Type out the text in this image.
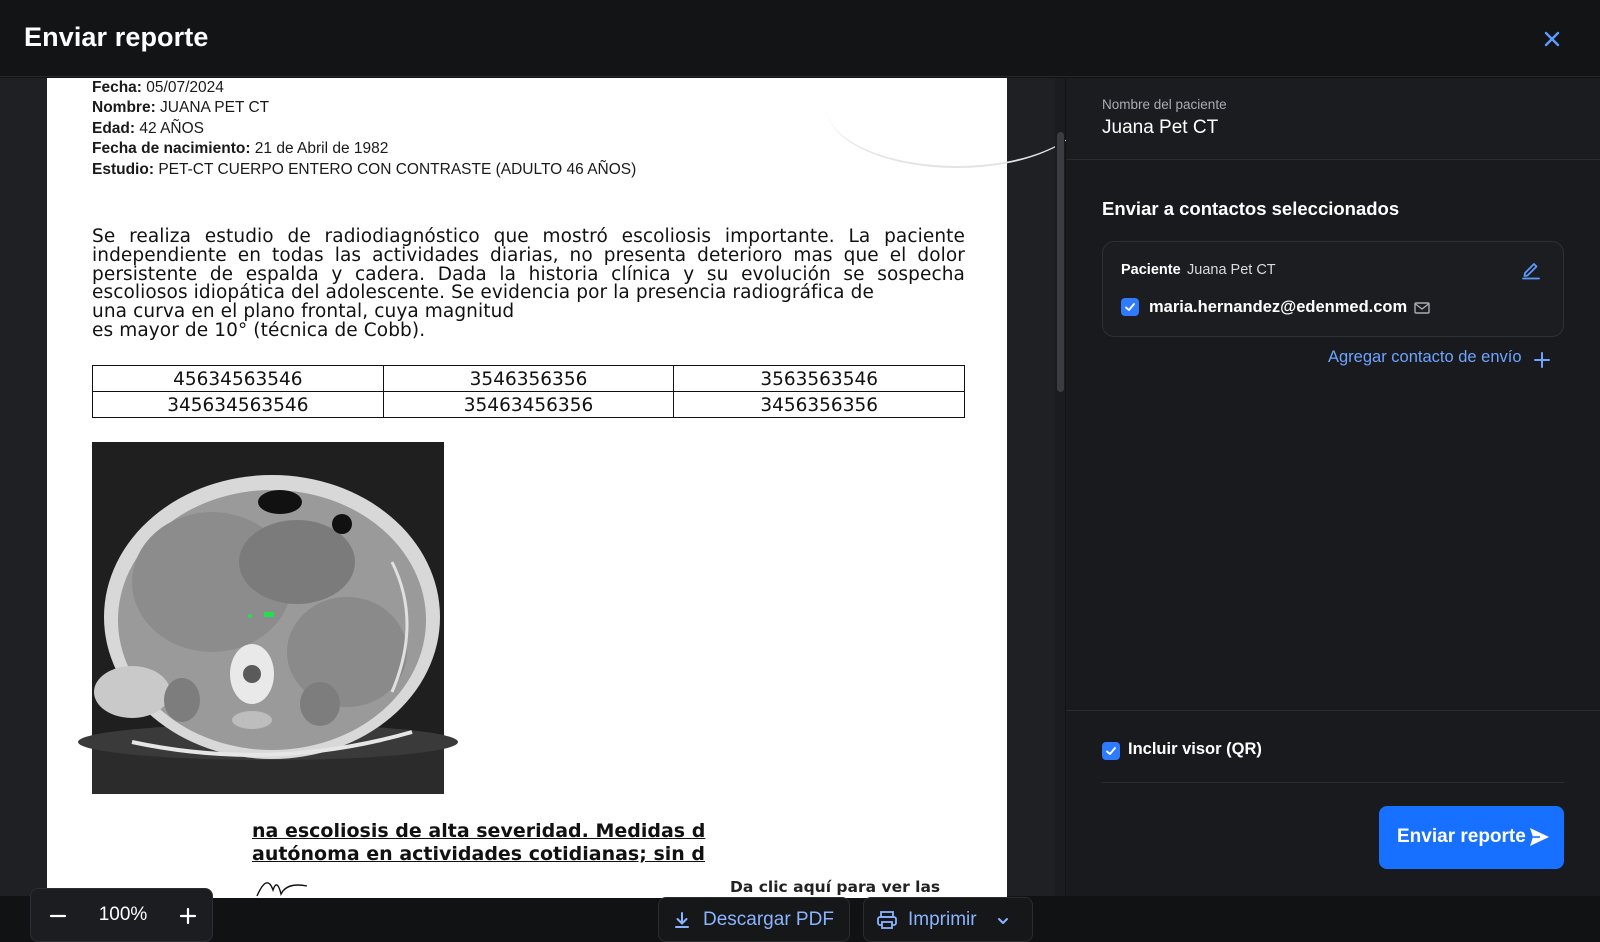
Enviar reporte
Fecha: 05/07/2024
Nombre: JUANA PET CT
Edad: 42 AÑOS
Fecha de nacimiento: 21 de Abril de 1982
Estudio: PET-CT CUERPO ENTERO CON CONTRASTE (ADULTO 46 AÑOS)
Se realiza estudio de radiodiagnóstico que mostró escoliosis importante. La paciente independiente en todas las actividades diarias, no presenta deterioro mas que el dolor persistente de espalda y cadera. Dada la historia clínica y su evolución se sospecha escoliosos idiopática del adolescente. Se evidencia por la presencia radiográfica de
una curva en el plano frontal, cuya magnitud
es mayor de 10° (técnica de Cobb).
45634563546	3546356356	3563563546
345634563546	35463456356	3456356356
na escoliosis de alta severidad. Medidas d
autónoma en actividades cotidianas; sin d
Da clic aquí para ver las
100%	Descargar PDF	Imprimir
Nombre del paciente
Juana Pet CT
Enviar a contactos seleccionados
Paciente Juana Pet CT
maria.hernandez@edenmed.com
Agregar contacto de envío
Incluir visor (QR)
Enviar reporte
